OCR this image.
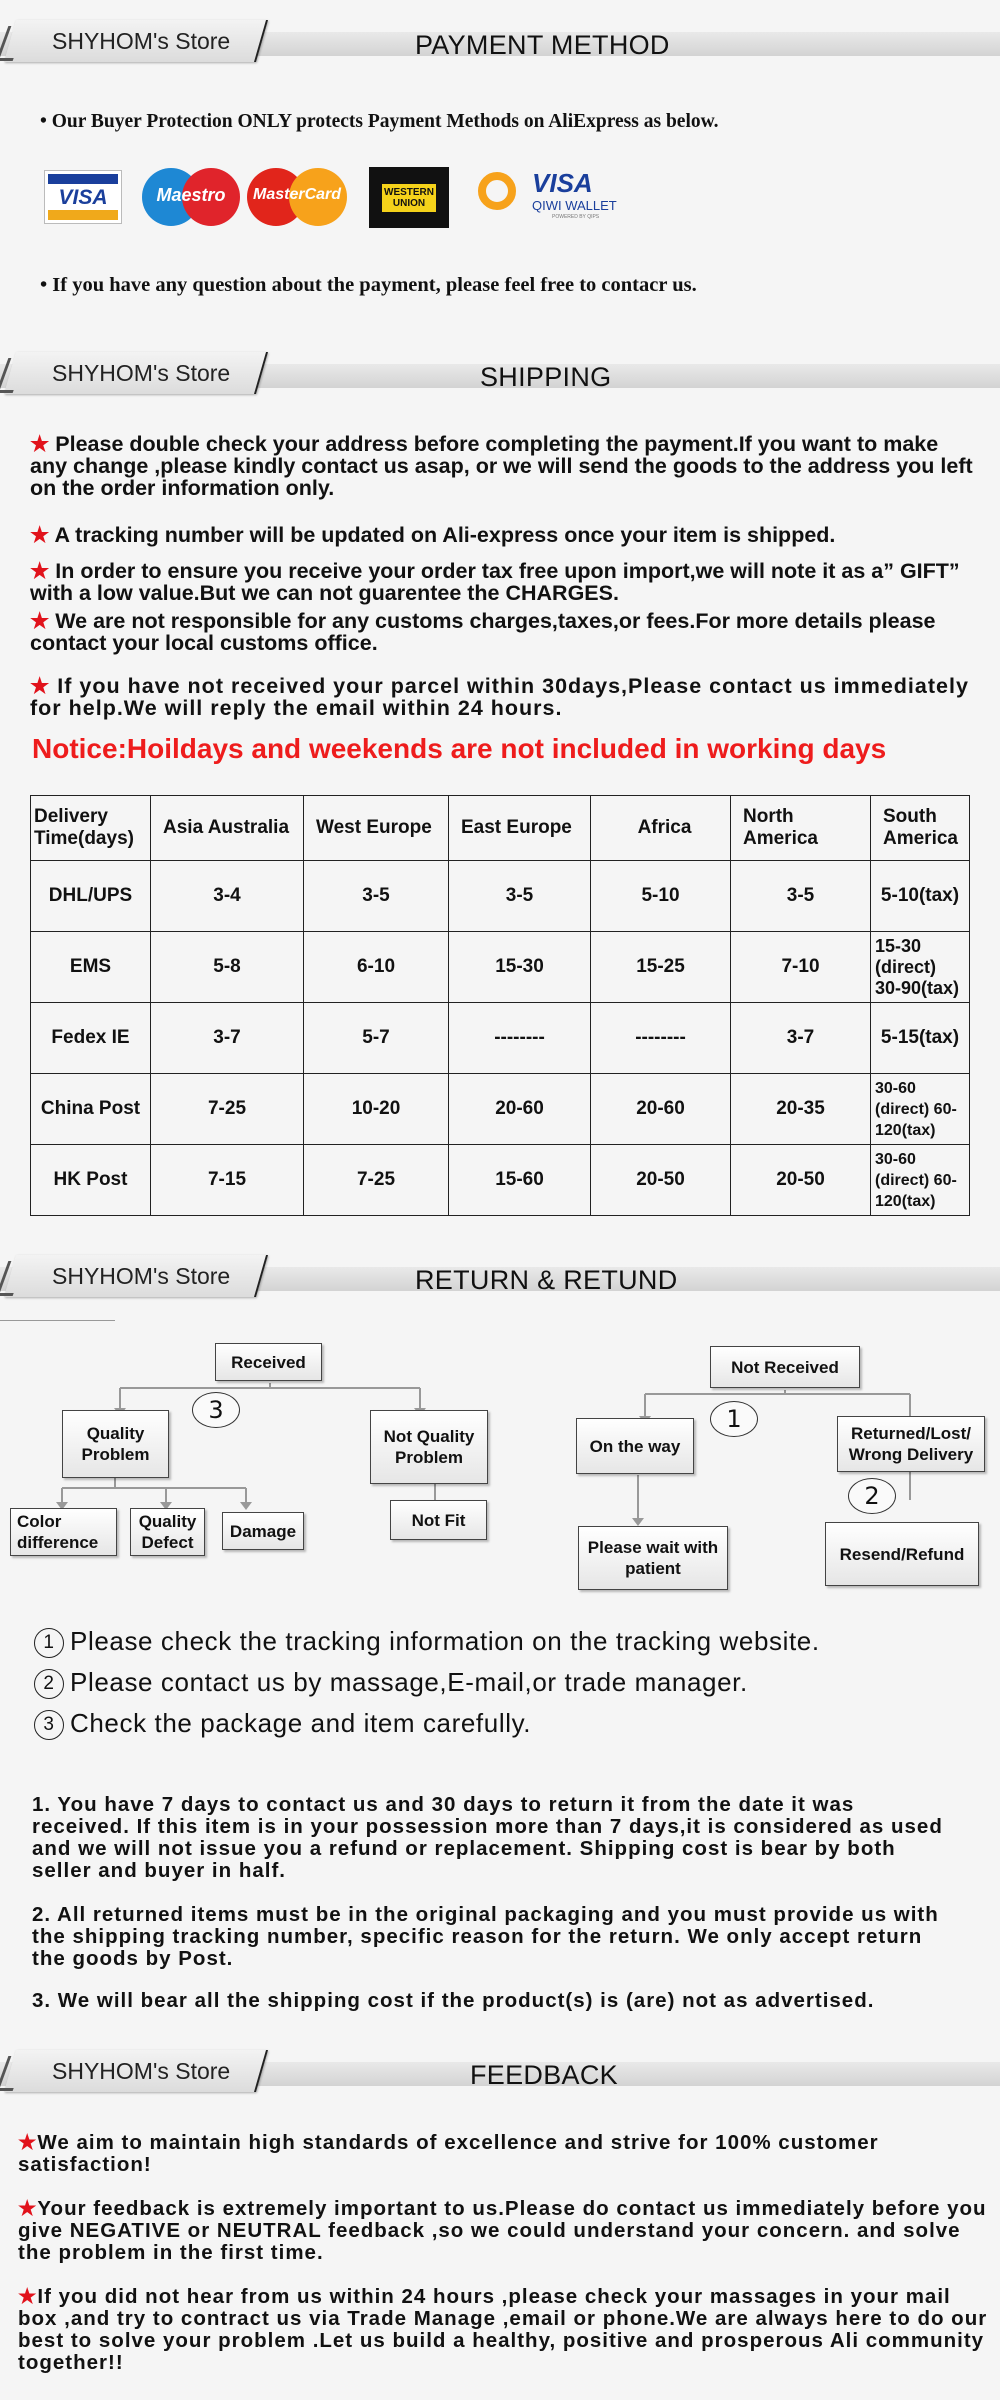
SHYHOM's Store	PAYMENT METHOD
• Our Buyer Protection ONLY protects Payment Methods on AliExpress as below.
VISA	Maestro	MasterCard	WESTERN UNION
VISA
QIWI WALLET
POWERED BY QIPS
• If you have any question about the payment, please feel free to contacr us.
SHYHOM's Store	SHIPPING
★ Please double check your address before completing the payment.If you want to make any change ,please kindly contact us asap, or we will send the goods to the address you left on the order information only.
★ A tracking number will be updated on Ali-express once your item is shipped.
★ In order to ensure you receive your order tax free upon import,we will note it as a” GIFT” with a low value.But we can not guarentee the CHARGES.
★ We are not responsible for any customs charges,taxes,or fees.For more details please contact your local customs office.
★ If you have not received your parcel within 30days,Please contact us immediately for help.We will reply the email within 24 hours.
Notice:Hoildays and weekends are not included in working days
Delivery Time(days)	Asia Australia	West Europe	East Europe	Africa	North America	South America
DHL/UPS	3-4	3-5	3-5	5-10	3-5	5-10(tax)
EMS	5-8	6-10	15-30	15-25	7-10	15-30 (direct) 30-90(tax)
Fedex IE	3-7	5-7	--------	--------	3-7	5-15(tax)
China Post	7-25	10-20	20-60	20-60	20-35	30-60 (direct) 60-120(tax)
HK Post	7-15	7-25	15-60	20-50	20-50	30-60 (direct) 60-120(tax)
SHYHOM's Store	RETURN & RETUND
Received
3
Quality Problem
Not Quality Problem
Color difference
Quality Defect
Damage
Not Fit
Not Received
1
On the way
Returned/Lost/ Wrong Delivery
2
Please wait with patient
Resend/Refund
1 Please check the tracking information on the tracking website.
2 Please contact us by massage,E-mail,or trade manager.
3 Check the package and item carefully.
1. You have 7 days to contact us and 30 days to return it from the date it was received. If this item is in your possession more than 7 days,it is considered as used and we will not issue you a refund or replacement. Shipping cost is bear by both seller and buyer in half.
2. All returned items must be in the original packaging and you must provide us with the shipping tracking number, specific reason for the return. We only accept return the goods by Post.
3. We will bear all the shipping cost if the product(s) is (are) not as advertised.
SHYHOM's Store	FEEDBACK
★We aim to maintain high standards of excellence and strive for 100% customer satisfaction!
★Your feedback is extremely important to us.Please do contact us immediately before you give NEGATIVE or NEUTRAL feedback ,so we could understand your concern. and solve the problem in the first time.
★If you did not hear from us within 24 hours ,please check your massages in your mail box ,and try to contract us via Trade Manage ,email or phone.We are always here to do our best to solve your problem .Let us build a healthy, positive and prosperous Ali community together!!
